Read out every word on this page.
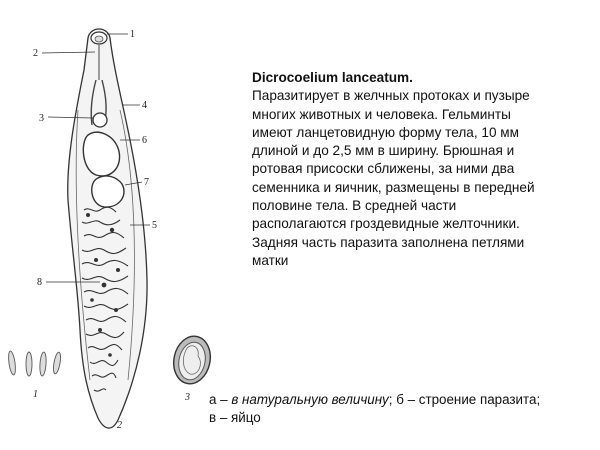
1
2
3
4
5
6
7
8
1
2
3

Dicrocoelium lanceatum.

Паразитирует в желчных протоках и пузыре многих животных и человека. Гельминты имеют ланцетовидную форму тела, 10 мм длиной и до 2,5 мм в ширину. Брюшная и ротовая присоски сближены, за ними два семенника и яичник, размещены в передней половине тела. В средней части располагаются гроздевидные желточники.

Задняя часть паразита заполнена петлями матки

а – в натуральную величину; б – строение паразита;
в – яйцо
